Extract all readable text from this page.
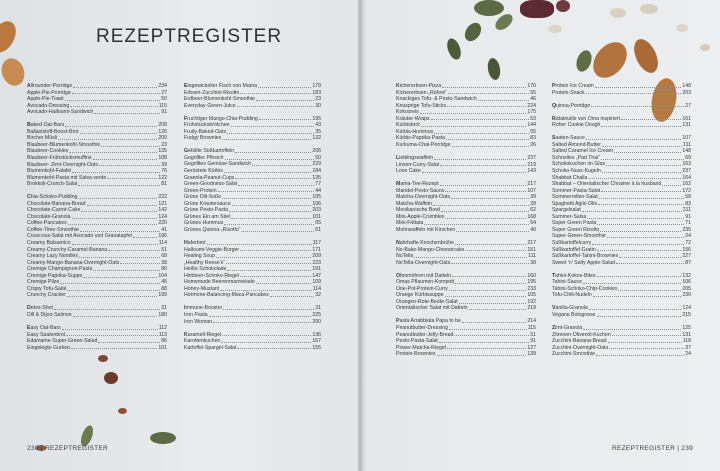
REZEPTREGISTER
Allrounder-Porridge	234
Apple-Pie-Porridge	27
Apple-Pie-Toast	50
Avocado-Dressing	115
Avocado-Halloumi-Sandwich	91
Baked Oat-Bars	208
Ballaststoff-Boost-Brot	126
Bircher Müsli	200
Blaubeer-Blumenkohl-Smoothie	23
Blaubeer-Cookies	135
Blaubeer-Frühstücksmuffins	108
Blaubeer- Zimt-Overnight-Oats	39
Blumenkohl-Falafel	76
Blumenkohl-Pasta mit Salsa verde	122
Brokkoli-Crunch-Salat	81
Chia-Schoko-Pudding	222
Chocolate-Banana-Bread	121
Chocolate-Carrot-Cake	142
Chocolate-Granola	124
Coffee-Pancakes	220
Coffee-Time-Smoothie	41
Couscous-Salat mit Avocado und Granatapfel	196
Creamy Balsamico	114
Creamy-Crunchy-Caramel-Banana	51
Creamy Lazy Noodles	68
Creamy-Mango-Banana-Overnight-Oats	38
Cremige Champignon-Pasta	80
Cremige Paprika-Suppe	104
Cremige Pilze	45
Crispy Tofu-Salat	88
Crunchy Cracker	199
Detox-Shot	31
Dill & Dijon-Salmon	180
Easy Oat-Bars	112
Easy Saatenbrot	113
Edamame-Super-Green-Salad	86
Eingelegte Gurken	101
Eingewickelter Fisch von Mama	179
Erbsen-Zucchini-Risotto	183
Erdbeer-Blumenkohl-Smoothie	23
Everyday-Green-Juice	30
Fruchtiger Mango-Chia-Pudding	195
Frühstücksbrötchen	43
Fruity-Baked-Oats	35
Fudgy Brownies	132
Gefüllte Süßkartoffeln	206
Gegrillter Pfirsich	50
Gegrilltes Gemüse-Sandwich	229
Geröstete Kürbis	184
Granola-Peanut-Cups	135
Green-Goodness-Salat	77
Green-Protein	44
Grüne Dill-Soße	105
Grüne Kräutersauce	106
Grüne Pesto-Pasta	203
Grünes Ein am Stiel	101
Grünes Hummus	65
Grünes Quinoa-„Risotto“	61
Haferbrot	117
Halloumi-Veggie-Burger	171
Healing Soup	209
„Healthy Reese's“	223
Heiße Schokolade	191
Himbeer-Schoko-Riegel	147
Homemade Beerenmarmelade	109
Honey-Mustard	114
Hormone-Balancing-Maca-Pancakes	32
Immune-Booster	31
Iron Pasta	225
Iron Woman	200
Karamell-Riegel	136
Karottenkuchen	167
Kartoffel-Spargel-Salat	155
Kichererbsen-Pizza	176
Kichererbsen-„Rührei“	55
Knackiges Tofu- & Pesto-Sandwich	46
Knusprige Tofu-Sticks	224
Kokosreis	175
Kräuter-Wraps	53
Kürbisbrot	144
Kürbis-Hummus	65
Kürbis-Paprika-Pasta	83
Kurkuma-Chai-Porridge	26
Lieblingswaffeln	237
Linsen-Curry-Salat	219
Love Cake	143
Mama-Tee-Rezept	217
Mandel-Pesto-Sauce	107
Matcha-Overnight-Oats	39
Matcha-Waffeln	28
Mexikanische Bowl	62
Mini-Apple-Crumbles	168
Mini-Frittata	54
Mohnwaffeln mit Kirschen	40
Nahrhafte Knochenbrühe	217
No-Bake-Mango-Cheesecake	151
NoTella	111
NoTella-Overnight-Oats	38
Ofenmöhren mit Datteln	160
Omas Pflaumen-Kompott	195
One-Pot-Protein-Curry	233
Orange Kürbissuppe	105
Orangen-Rote-Beete-Salat	192
Orientalischer Salat mit Datteln	219
Pasta Arrabbiata Papa to be	214
Peanutbutter-Dressing	115
Peanutbutter-Jelly-Bread	51
Pesto-Pasta-Salat	91
Power-Matcha-Riegel	127
Protein-Brownies	139
Protein Ice Cream	148
Protein-Snack	203
Quinoa-Porridge	27
Ratatouille von Oma inspiriert	161
Roher Cookie Dough	131
Saaten-Sauce	107
Salted Almond-Butter	111
Salted Caramel Ice Cream	148
Schnelles „Pad Thai“	69
Schokokuchen im Glas	163
Schoko-Nuss-Kugeln	237
Shabbat Challa	164
Shabbat – Orientalischer Chraime à la husband	162
Sommer-Pasta-Salat	172
Sommerrollen-Salat	58
Spaghetti Aglio Olio	83
Spargelsalat	211
Summer-Salsa	91
Super Green Pasta	71
Super Green Risotto	235
Super-Green-Smoothie	24
Süßkartoffelcurry	72
Süßkartoffel-Gratin	156
Süßkartoffel-Tahini-Brownies	227
Sweet 'n' Salty Apple-Salad	87
Tahini-Kokos-Bites	132
Tahini-Sauce	106
Tahini-Schoko-Chip-Cookies	205
Tofu-Chili-Nudeln	230
Vanilla-Granola	124
Vegane Bolognese	215
Zimt-Granola	125
Zitronen-Olivenöl-Kuchen	131
Zucchini-Banana-Bread	118
Zucchini-Overnight-Oats	37
Zucchini-Smoothie	24
238 | REZEPTREGISTER	REZEPTREGISTER | 239
